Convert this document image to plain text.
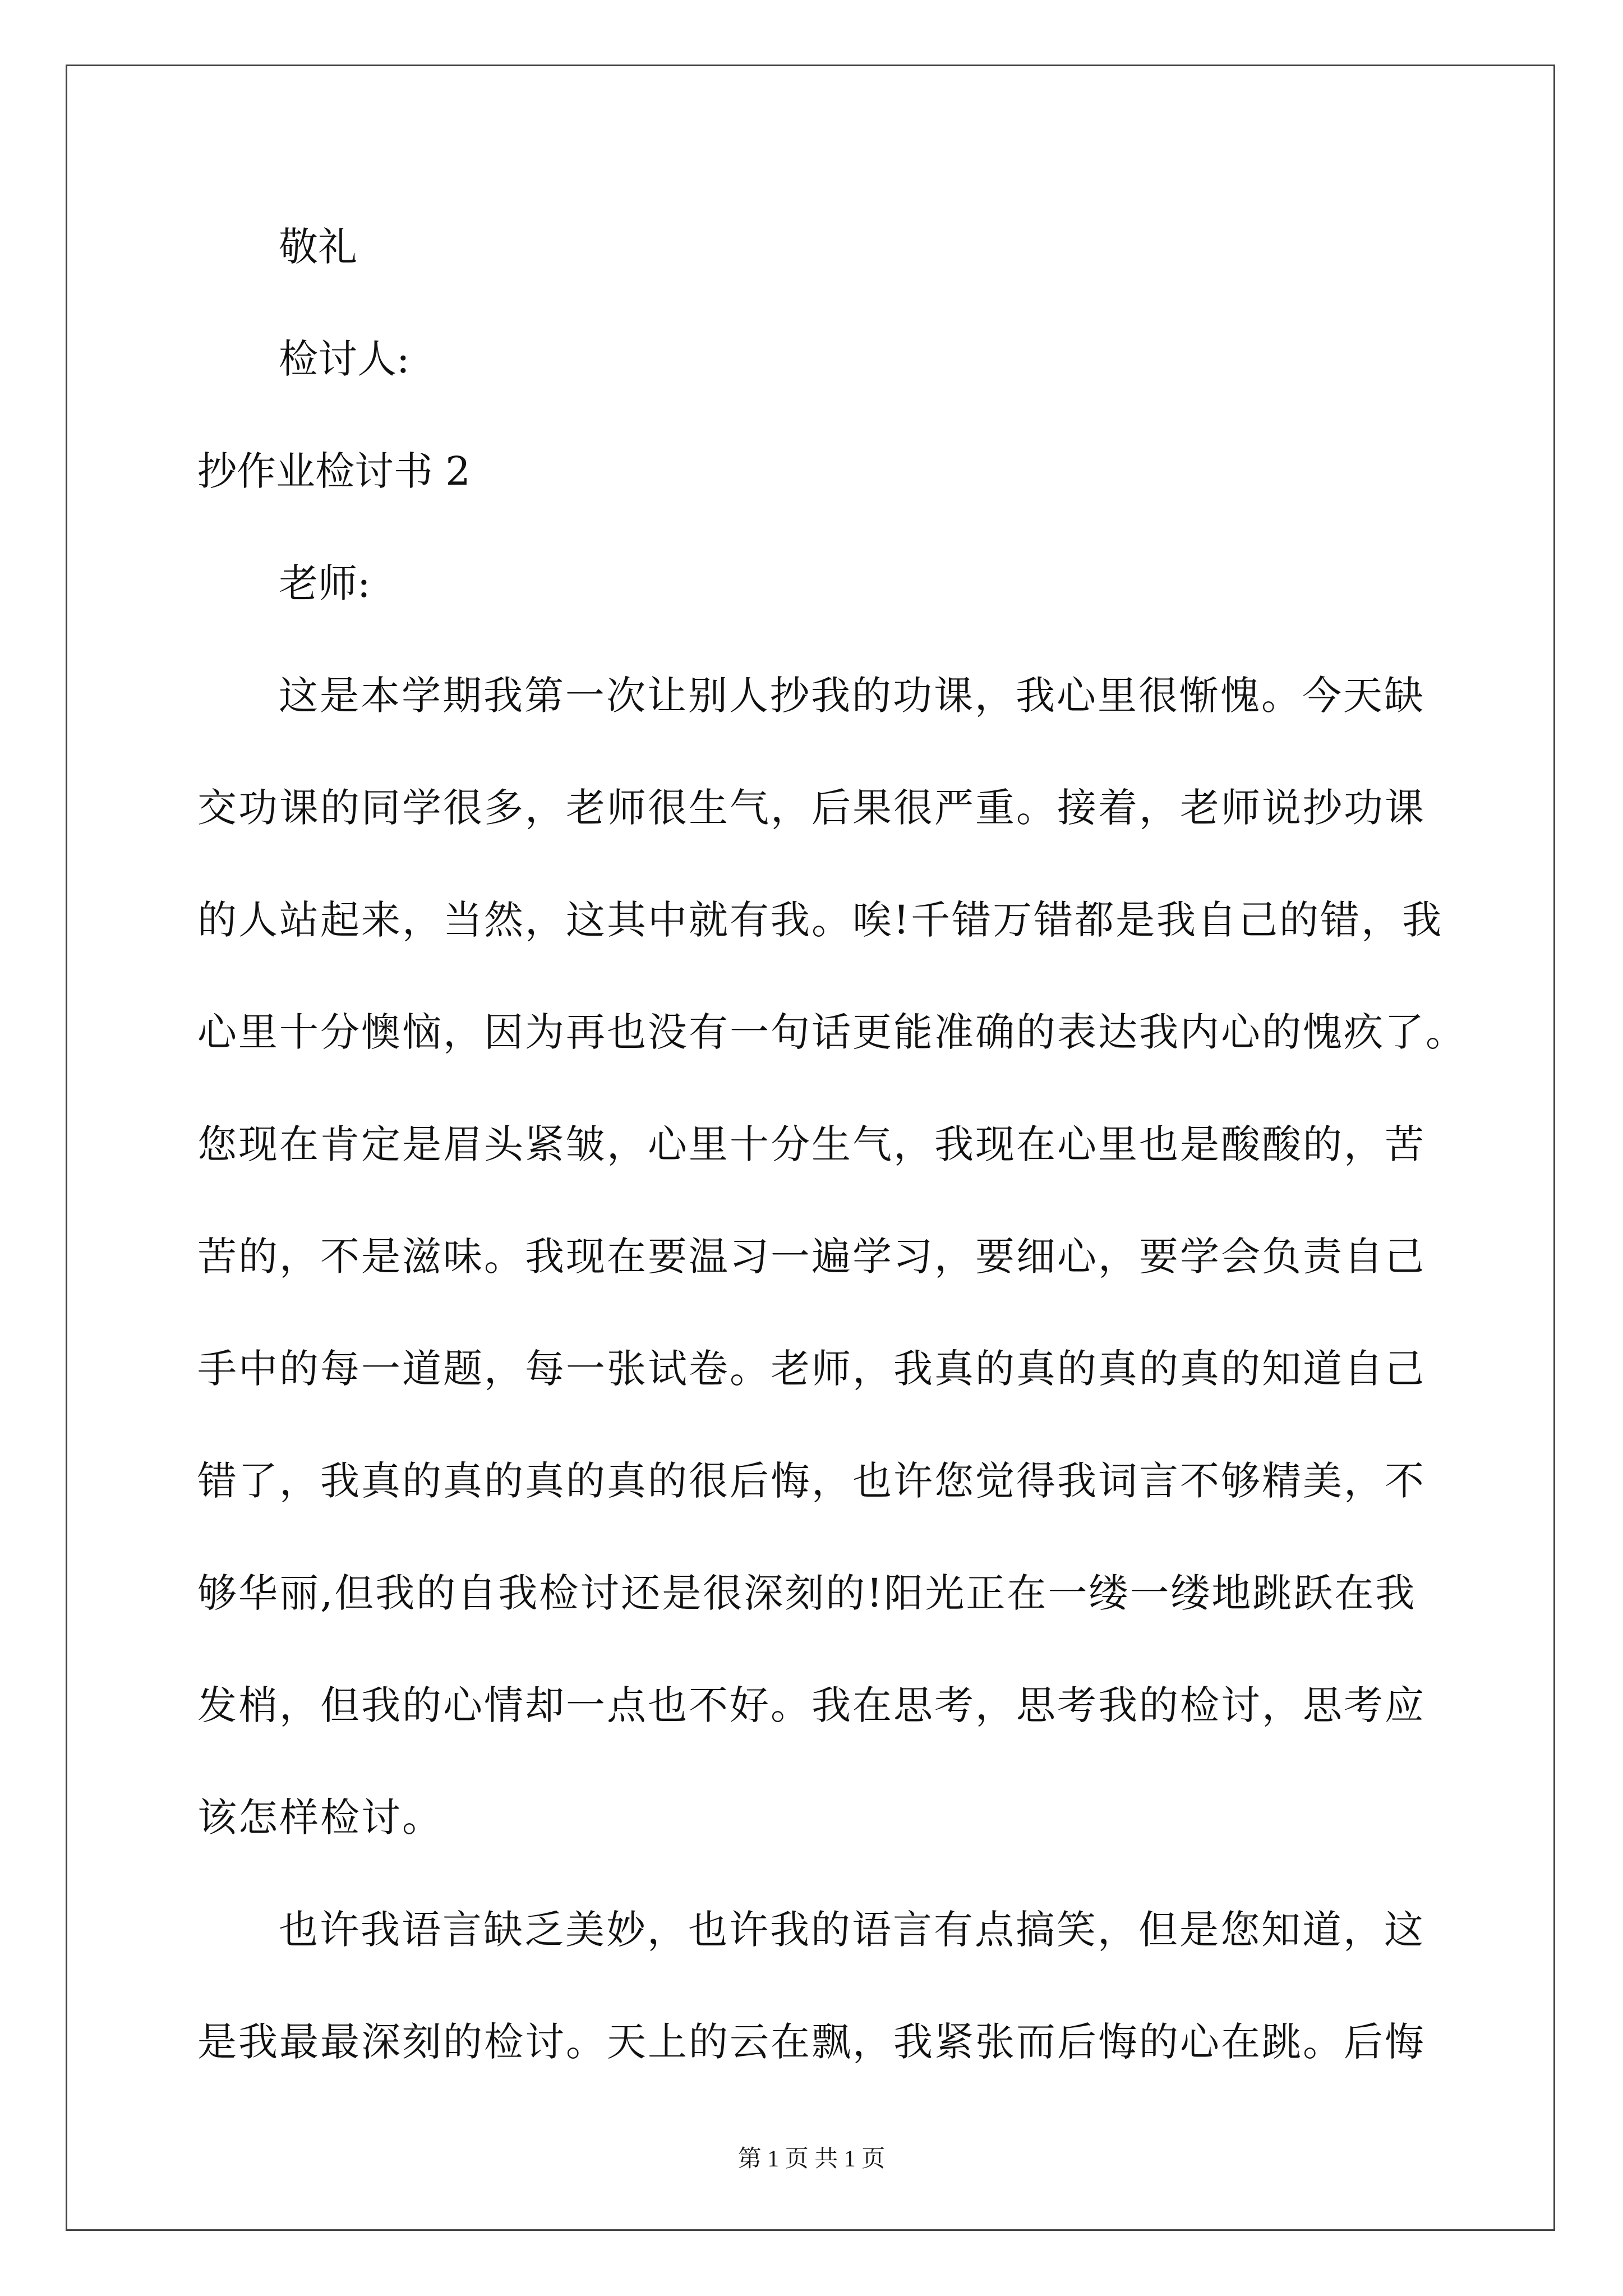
敬礼
检讨人:
抄作业检讨书 2
老师:
这是本学期我第一次让别人抄我的功课，我心里很惭愧。今天缺
交功课的同学很多，老师很生气，后果很严重。接着，老师说抄功课
的人站起来，当然，这其中就有我。唉!千错万错都是我自己的错，我
心里十分懊恼，因为再也没有一句话更能准确的表达我内心的愧疚了。
您现在肯定是眉头紧皱，心里十分生气，我现在心里也是酸酸的，苦
苦的，不是滋味。我现在要温习一遍学习，要细心，要学会负责自己
手中的每一道题，每一张试卷。老师，我真的真的真的真的知道自己
错了，我真的真的真的真的很后悔，也许您觉得我词言不够精美，不
够华丽,但我的自我检讨还是很深刻的!阳光正在一缕一缕地跳跃在我
发梢，但我的心情却一点也不好。我在思考，思考我的检讨，思考应
该怎样检讨。
也许我语言缺乏美妙，也许我的语言有点搞笑，但是您知道，这
是我最最深刻的检讨。天上的云在飘，我紧张而后悔的心在跳。后悔
第 1 页 共 1 页
